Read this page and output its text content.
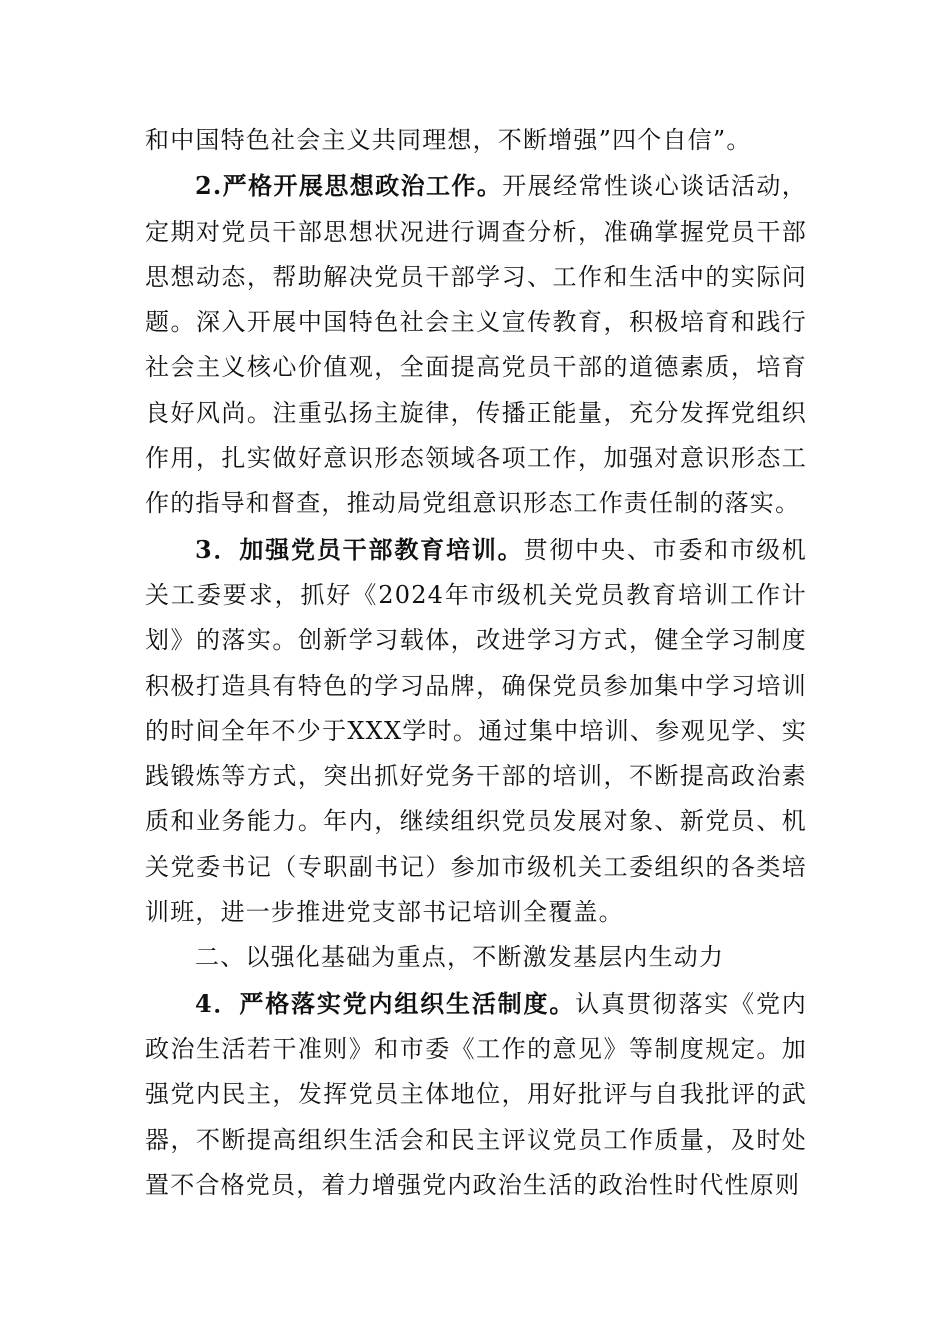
和中国特色社会主义共同理想，不断增强”四个自信”。

2.严格开展思想政治工作。开展经常性谈心谈话活动，定期对党员干部思想状况进行调查分析，准确掌握党员干部思想动态，帮助解决党员干部学习、工作和生活中的实际问题。深入开展中国特色社会主义宣传教育，积极培育和践行社会主义核心价值观，全面提高党员干部的道德素质，培育良好风尚。注重弘扬主旋律，传播正能量，充分发挥党组织作用，扎实做好意识形态领域各项工作，加强对意识形态工作的指导和督查，推动局党组意识形态工作责任制的落实。

3．加强党员干部教育培训。贯彻中央、市委和市级机关工委要求，抓好《2024年市级机关党员教育培训工作计划》的落实。创新学习载体，改进学习方式，健全学习制度积极打造具有特色的学习品牌，确保党员参加集中学习培训的时间全年不少于XXX学时。通过集中培训、参观见学、实践锻炼等方式，突出抓好党务干部的培训，不断提高政治素质和业务能力。年内，继续组织党员发展对象、新党员、机关党委书记（专职副书记）参加市级机关工委组织的各类培训班，进一步推进党支部书记培训全覆盖。

二、以强化基础为重点，不断激发基层内生动力

4．严格落实党内组织生活制度。认真贯彻落实《党内政治生活若干准则》和市委《工作的意见》等制度规定。加强党内民主，发挥党员主体地位，用好批评与自我批评的武器，不断提高组织生活会和民主评议党员工作质量，及时处置不合格党员，着力增强党内政治生活的政治性时代性原则
